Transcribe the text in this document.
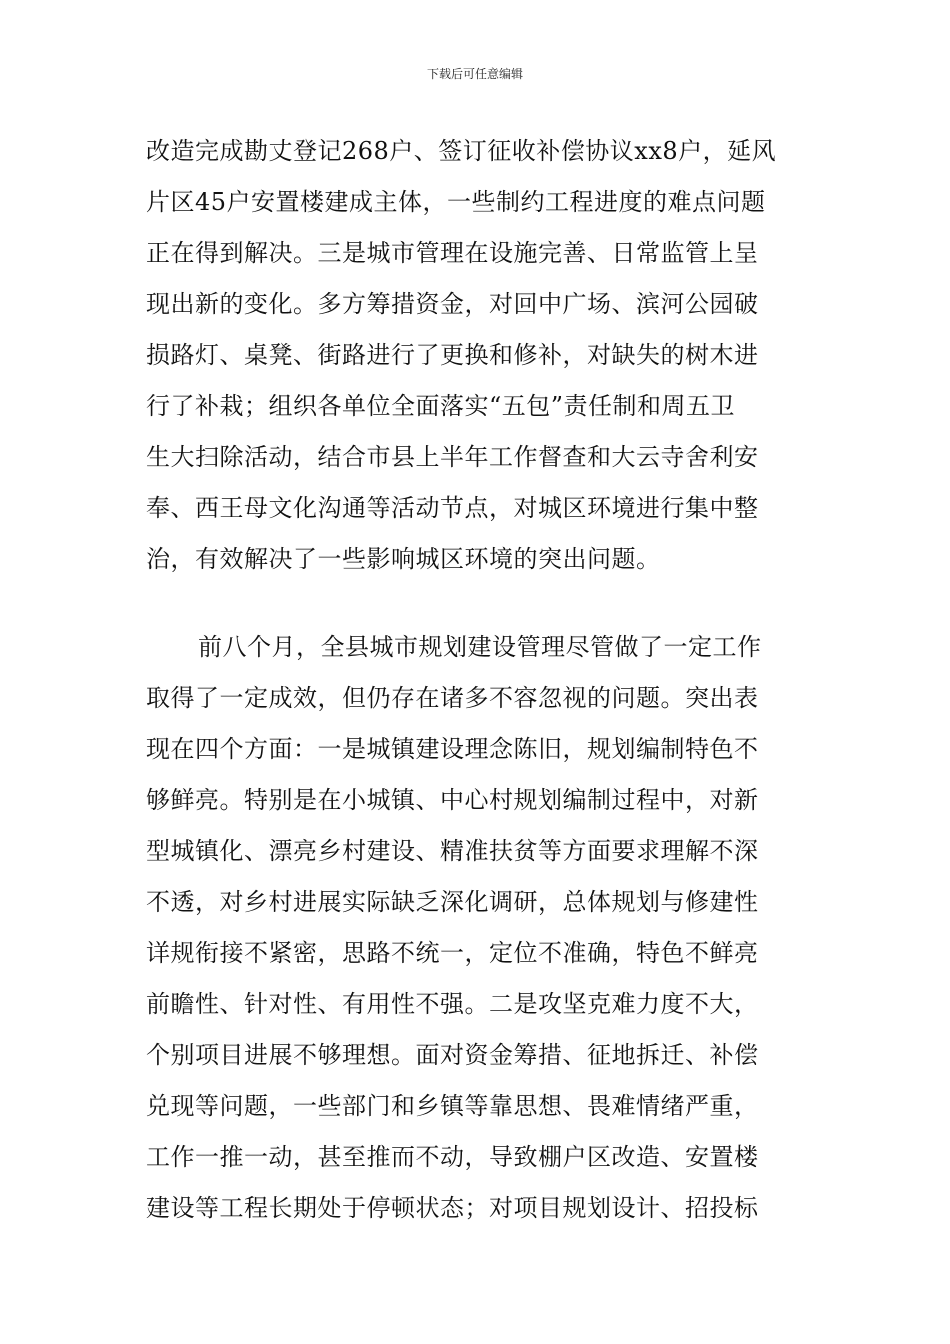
下载后可任意编辑
改造完成勘丈登记268户、签订征收补偿协议xx8户，延风
片区45户安置楼建成主体，一些制约工程进度的难点问题
正在得到解决。三是城市管理在设施完善、日常监管上呈
现出新的变化。多方筹措资金，对回中广场、滨河公园破
损路灯、桌凳、街路进行了更换和修补，对缺失的树木进
行了补栽；组织各单位全面落实“五包”责任制和周五卫
生大扫除活动，结合市县上半年工作督查和大云寺舍利安
奉、西王母文化沟通等活动节点，对城区环境进行集中整
治，有效解决了一些影响城区环境的突出问题。
前八个月，全县城市规划建设管理尽管做了一定工作
取得了一定成效，但仍存在诸多不容忽视的问题。突出表
现在四个方面：一是城镇建设理念陈旧，规划编制特色不
够鲜亮。特别是在小城镇、中心村规划编制过程中，对新
型城镇化、漂亮乡村建设、精准扶贫等方面要求理解不深
不透，对乡村进展实际缺乏深化调研，总体规划与修建性
详规衔接不紧密，思路不统一，定位不准确，特色不鲜亮
前瞻性、针对性、有用性不强。二是攻坚克难力度不大，
个别项目进展不够理想。面对资金筹措、征地拆迁、补偿
兑现等问题，一些部门和乡镇等靠思想、畏难情绪严重，
工作一推一动，甚至推而不动，导致棚户区改造、安置楼
建设等工程长期处于停顿状态；对项目规划设计、招投标
